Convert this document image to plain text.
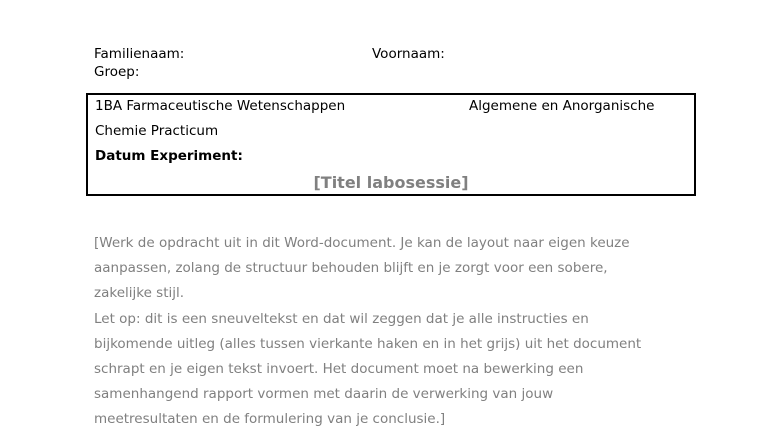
Familienaam:	Voornaam:
Groep:
1BA Farmaceutische Wetenschappen	Algemene en Anorganische
Chemie Practicum
Datum Experiment:
[Titel labosessie]
[Werk de opdracht uit in dit Word-document. Je kan de layout naar eigen keuze
aanpassen, zolang de structuur behouden blijft en je zorgt voor een sobere,
zakelijke stijl.
Let op: dit is een sneuveltekst en dat wil zeggen dat je alle instructies en
bijkomende uitleg (alles tussen vierkante haken en in het grijs) uit het document
schrapt en je eigen tekst invoert. Het document moet na bewerking een
samenhangend rapport vormen met daarin de verwerking van jouw
meetresultaten en de formulering van je conclusie.]
